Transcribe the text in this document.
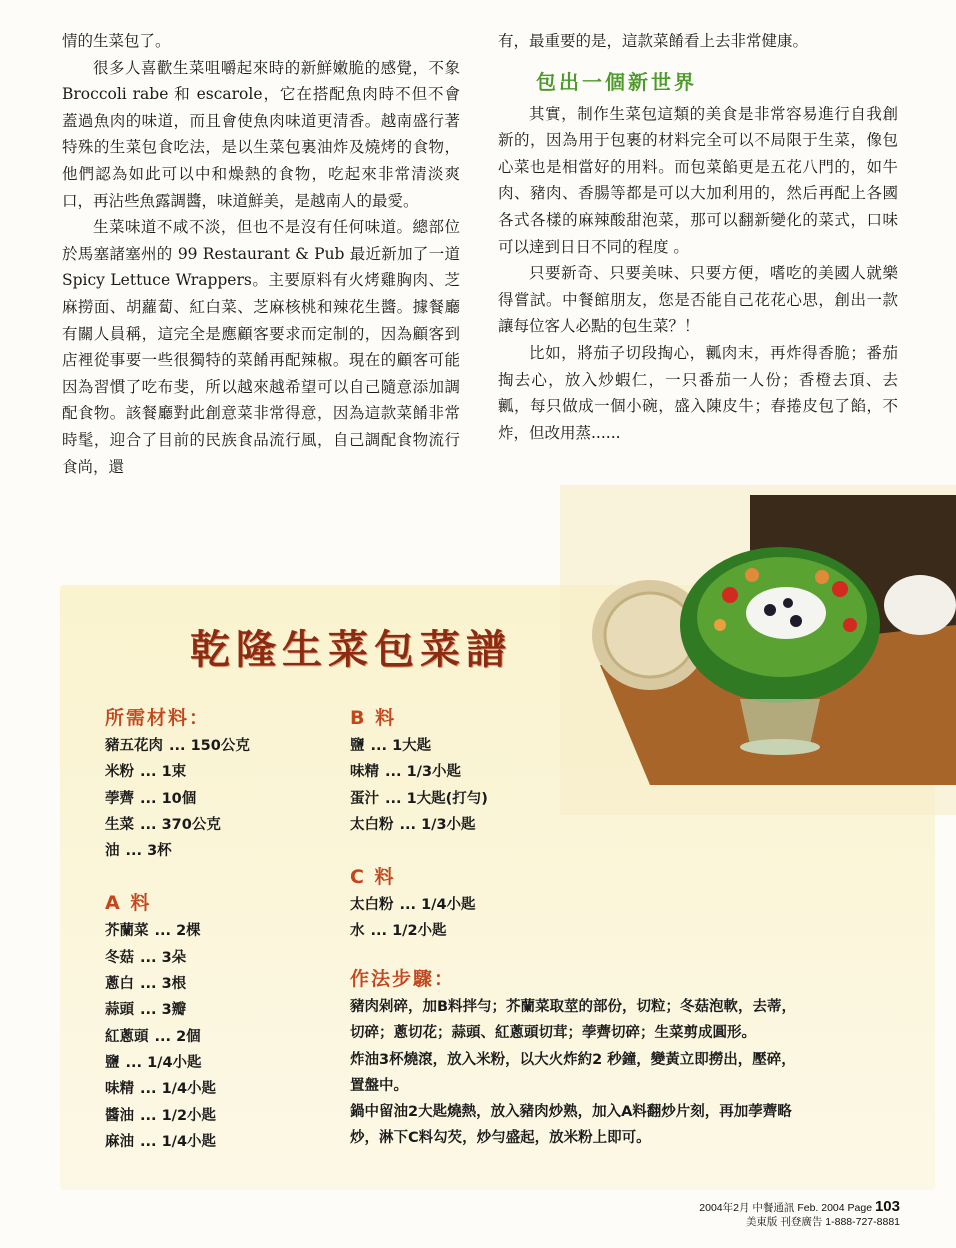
情的生菜包了。

很多人喜歡生菜咀嚼起來時的新鮮嫩脆的感覺，不象 Broccoli rabe 和 escarole，它在搭配魚肉時不但不會蓋過魚肉的味道，而且會使魚肉味道更清香。越南盛行著特殊的生菜包食吃法，是以生菜包裏油炸及燒烤的食物，他們認為如此可以中和燥熱的食物，吃起來非常清淡爽口，再沾些魚露調醬，味道鮮美，是越南人的最愛。

生菜味道不咸不淡，但也不是沒有任何味道。總部位於馬塞諸塞州的 99 Restaurant & Pub 最近新加了一道 Spicy Lettuce Wrappers。主要原料有火烤雞胸肉、芝麻撈面、胡蘿蔔、紅白菜、芝麻核桃和辣花生醬。據餐廳有關人員稱，這完全是應顧客要求而定制的，因為顧客到店裡從事要一些很獨特的菜餚再配辣椒。現在的顧客可能因為習慣了吃布斐，所以越來越希望可以自己隨意添加調配食物。該餐廳對此創意菜非常得意，因為這款菜餚非常時髦，迎合了目前的民族食品流行風，自己調配食物流行食尚，還

有，最重要的是，這款菜餚看上去非常健康。

包出一個新世界

其實，制作生菜包這類的美食是非常容易進行自我創新的，因為用于包裹的材料完全可以不局限于生菜，像包心菜也是相當好的用料。而包菜餡更是五花八門的，如牛肉、豬肉、香腸等都是可以大加利用的，然后再配上各國各式各樣的麻辣酸甜泡菜，那可以翻新變化的菜式，口味可以達到日日不同的程度 。

只要新奇、只要美味、只要方便，嗜吃的美國人就樂得嘗試。中餐館朋友，您是否能自己花花心思，創出一款讓每位客人必點的包生菜？！

比如，將茄子切段掏心，瓤肉末，再炸得香脆；番茄掏去心，放入炒蝦仁，一只番茄一人份；香橙去頂、去瓤，每只做成一個小碗，盛入陳皮牛；春捲皮包了餡，不炸，但改用蒸......

乾隆生菜包菜譜
所需材料：
豬五花肉 ... 150公克
米粉 ... 1束
荸薺 ... 10個
生菜 ... 370公克
油 ... 3杯
A 料
芥蘭菜 ... 2棵
冬菇 ... 3朵
蔥白 ... 3根
蒜頭 ... 3瓣
紅蔥頭 ... 2個
鹽 ... 1/4小匙
味精 ... 1/4小匙
醬油 ... 1/2小匙
麻油 ... 1/4小匙
B 料
鹽 ... 1大匙
味精 ... 1/3小匙
蛋汁 ... 1大匙(打勻)
太白粉 ... 1/3小匙
C 料
太白粉 ... 1/4小匙
水 ... 1/2小匙
作法步驟：

豬肉剁碎，加B料拌勻；芥蘭菜取莖的部份，切粒；冬菇泡軟，去蒂，切碎；蔥切花；蒜頭、紅蔥頭切茸；荸薺切碎；生菜剪成圓形。

炸油3杯燒滾，放入米粉，以大火炸約2 秒鐘，變黃立即撈出，壓碎，置盤中。

鍋中留油2大匙燒熱，放入豬肉炒熟，加入A料翻炒片刻，再加荸薺略炒，淋下C料勾芡，炒勻盛起，放米粉上即可。

2004年2月 中餐通訊 Feb. 2004 Page 103
美東版 刊登廣告 1-888-727-8881
